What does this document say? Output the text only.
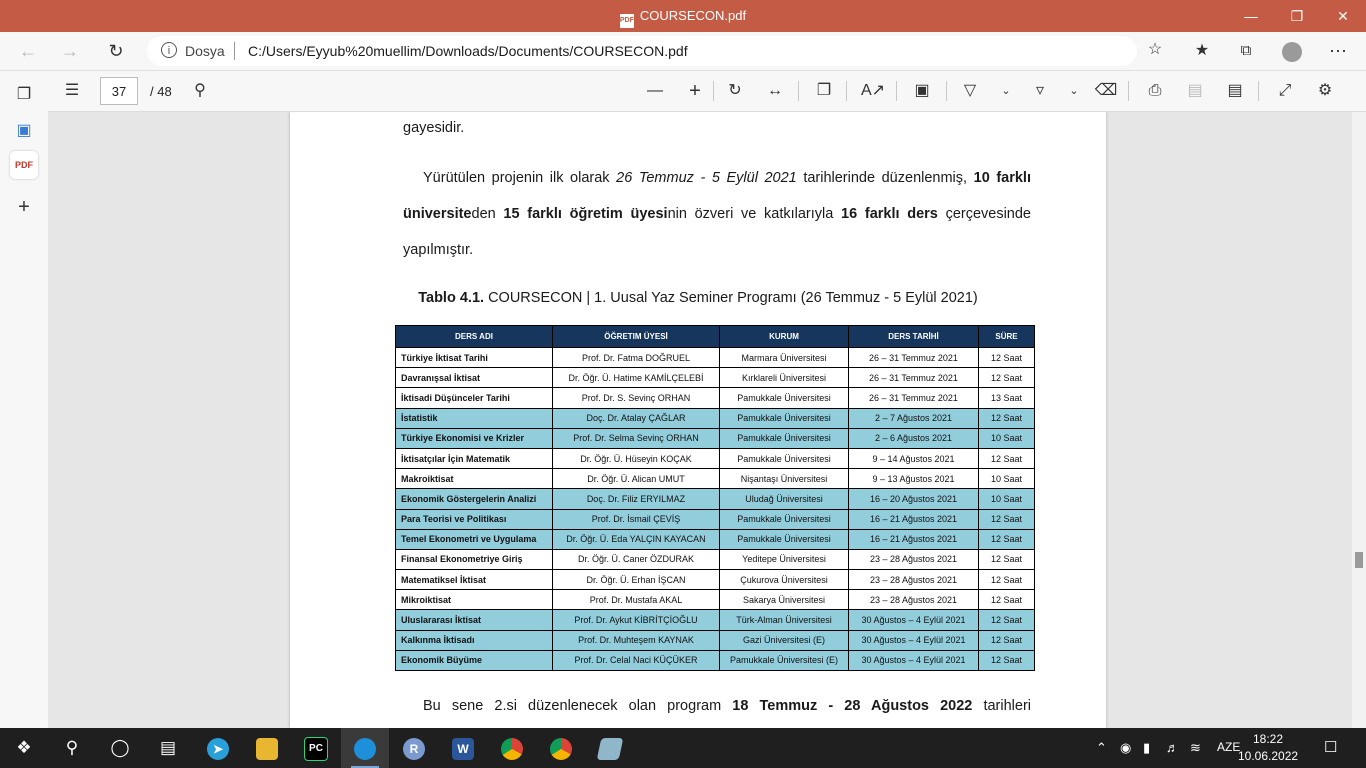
PDF COURSECON.pdf	—	❐	✕
← →	↻	i	Dosya C:/Users/Eyyub%20muellim/Downloads/Documents/COURSECON.pdf	☆	★	⧉	⋯
❐
▣
PDF
+
☰	37	/ 48	⚲	—	+	↻	↔	❐	A↗ ▣	▽	⌄	▿	⌄	⌫	⎙	▤ ▤	⤢	⚙
gayesidir.
Yürütülen projenin ilk olarak 26 Temmuz - 5 Eylül 2021 tarihlerinde düzenlenmiş, 10 farklı
üniversiteden 15 farklı öğretim üyesinin özveri ve katkılarıyla 16 farklı ders çerçevesinde
yapılmıştır.
Tablo 4.1. COURSECON | 1. Uusal Yaz Seminer Programı (26 Temmuz - 5 Eylül 2021)
DERS ADI	ÖĞRETIM ÜYESİ	KURUM	DERS TARİHİ	SÜRE
Türkiye İktisat Tarihi	Prof. Dr. Fatma DOĞRUEL	Marmara Üniversitesi	26 – 31 Temmuz 2021	12 Saat
Davranışsal İktisat	Dr. Öğr. Ü. Hatime KAMİLÇELEBİ	Kırklareli Üniversitesi	26 – 31 Temmuz 2021	12 Saat
İktisadi Düşünceler Tarihi	Prof. Dr. S. Sevinç ORHAN	Pamukkale Üniversitesi	26 – 31 Temmuz 2021	13 Saat
İstatistik	Doç. Dr. Atalay ÇAĞLAR	Pamukkale Üniversitesi	2 – 7 Ağustos 2021	12 Saat
Türkiye Ekonomisi ve Krizler	Prof. Dr. Selma Sevinç ORHAN	Pamukkale Üniversitesi	2 – 6 Ağustos 2021	10 Saat
İktisatçılar İçin Matematik	Dr. Öğr. Ü. Hüseyin KOÇAK	Pamukkale Üniversitesi	9 – 14 Ağustos 2021	12 Saat
Makroiktisat	Dr. Öğr. Ü. Alican UMUT	Nişantaşı Üniversitesi	9 – 13 Ağustos 2021	10 Saat
Ekonomik Göstergelerin Analizi	Doç. Dr. Filiz ERYILMAZ	Uludağ Üniversitesi	16 – 20 Ağustos 2021	10 Saat
Para Teorisi ve Politikası	Prof. Dr. İsmail ÇEVİŞ	Pamukkale Üniversitesi	16 – 21 Ağustos 2021	12 Saat
Temel Ekonometri ve Uygulama	Dr. Öğr. Ü. Eda YALÇIN KAYACAN	Pamukkale Üniversitesi	16 – 21 Ağustos 2021	12 Saat
Finansal Ekonometriye Giriş	Dr. Öğr. Ü. Caner ÖZDURAK	Yeditepe Üniversitesi	23 – 28 Ağustos 2021	12 Saat
Matematiksel İktisat	Dr. Öğr. Ü. Erhan İŞCAN	Çukurova Üniversitesi	23 – 28 Ağustos 2021	12 Saat
Mikroiktisat	Prof. Dr. Mustafa AKAL	Sakarya Üniversitesi	23 – 28 Ağustos 2021	12 Saat
Uluslararası İktisat	Prof. Dr. Aykut KİBRİTÇİOĞLU	Türk-Alman Üniversitesi	30 Ağustos – 4 Eylül 2021	12 Saat
Kalkınma İktisadı	Prof. Dr. Muhteşem KAYNAK	Gazi Üniversitesi (E)	30 Ağustos – 4 Eylül 2021	12 Saat
Ekonomik Büyüme	Prof. Dr. Celal Naci KÜÇÜKER	Pamukkale Üniversitesi (E)	30 Ağustos – 4 Eylül 2021	12 Saat
Bu sene 2.si düzenlenecek olan program 18 Temmuz - 28 Ağustos 2022 tarihleri
❖	⚲	◯	▤	➤	PC	R	W	⌃ ◉ ▮ ♬ ≋ AZE
18:22
10.06.2022 ☐
